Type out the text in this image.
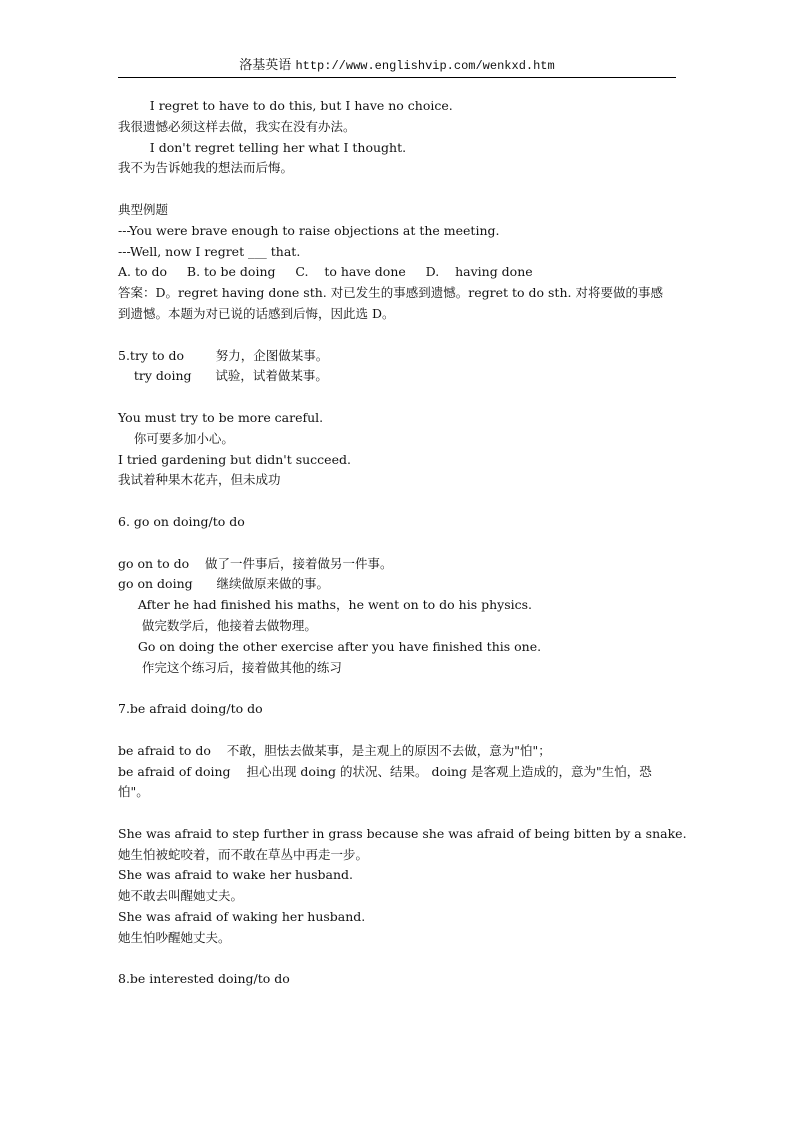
洛基英语 http://www.englishvip.com/wenkxd.htm
I regret to have to do this, but I have no choice.
我很遗憾必须这样去做，我实在没有办法。
I don't regret telling her what I thought.
我不为告诉她我的想法而后悔。
典型例题
---You were brave enough to raise objections at the meeting.
---Well, now I regret ___ that.
A. to do     B. to be doing     C.    to have done     D.    having done
答案：D。regret having done sth. 对已发生的事感到遗憾。regret to do sth. 对将要做的事感
到遗憾。本题为对已说的话感到后悔，因此选 D。
5.try to do        努力，企图做某事。
try doing      试验，试着做某事。
You must try to be more careful.
你可要多加小心。
I tried gardening but didn't succeed.
我试着种果木花卉，但未成功
6. go on doing/to do
go on to do    做了一件事后，接着做另一件事。
go on doing      继续做原来做的事。
After he had finished his maths，he went on to do his physics.
做完数学后，他接着去做物理。
Go on doing the other exercise after you have finished this one.
作完这个练习后，接着做其他的练习
7.be afraid doing/to do
be afraid to do    不敢，胆怯去做某事，是主观上的原因不去做，意为"怕"；
be afraid of doing    担心出现 doing 的状况、结果。 doing 是客观上造成的，意为"生怕，恐
怕"。
She was afraid to step further in grass because she was afraid of being bitten by a snake.
她生怕被蛇咬着，而不敢在草丛中再走一步。
She was afraid to wake her husband.
她不敢去叫醒她丈夫。
She was afraid of waking her husband.
她生怕吵醒她丈夫。
8.be interested doing/to do
